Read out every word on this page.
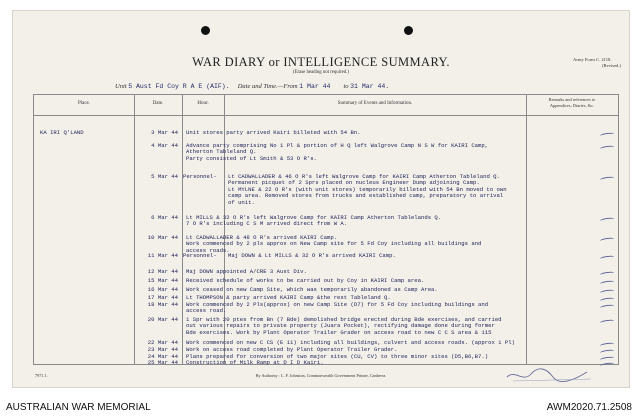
WAR DIARY or INTELLIGENCE SUMMARY.
(Erase heading not required.)
Army Form C. 2118.
(Revised.)
Unit 5 Aust Fd Coy R A E (AIF). Date and Time.—From 1 Mar 44 to 31 Mar 44.
Place.	Date.	Hour.	Summary of Events and Information.
Remarks and references to
Appendices, Diaries, &c.
KA IRI Q'LAND	3 Mar 44 Unit stores party arrived Kairi billeted with 54 Bn.
4 Mar 44 Advance party comprising No 1 Pl & portion of H Q left Walgrove Camp N S W for KAIRI Camp,
Atherton Tableland Q.
Party consisted of Lt Smith & 53 O R's.
5 Mar 44 Personnel-	Lt CADWALLADER & 46 O R's left Walgrove Camp for KAIRI Camp Atherton Tableland Q.
Permanent picquet of 2 Sprs placed on nucleus Engineer Dump adjoining Camp.
Lt MYLNE & 22 O R's (with unit stores) temporarily billeted with 54 Bn moved to own
camp area. Removed stores from trucks and established camp, preparatory to arrival
of unit.
6 Mar 44 Lt MILLS & 32 O R's left Walgrove Camp for KAIRI Camp Atherton Tablelands Q.
7 O R's including C S M arrived direct from W A.
10 Mar 44 Lt CADWALLADER & 48 O R's arrived KAIRI Camp.
Work commenced by 2 pls approx on New Camp site for 5 Fd Coy including all buildings and
access roads.
11 Mar 44 Personnel-	Maj DOWN & Lt MILLS & 32 O R's arrived KAIRI Camp.
12 Mar 44 Maj DOWN appointed A/CRE 3 Aust Div.
15 Mar 44 Received schedule of works to be carried out by Coy in KAIRI Camp area.
16 Mar 44 Work ceased on new Camp Site, which was temporarily abandoned as Camp Area.
17 Mar 44 Lt THOMPSON & party arrived KAIRI Camp &the rest Tableland Q.
18 Mar 44 Work commenced by 2 Pls(approx) on new Camp Site (D7) for 5 Fd Coy including buildings and
access road.
20 Mar 44 1 Spr with 20 ptes from Bn (7 Bde) demolished bridge erected during Bde exercises, and carried
out various repairs to private property (Juara Pocket), rectifying damage done during former
Bde exercises. Work by Plant Operator Trailer Grader on access road to new C C S area & 115
22 Mar 44 Work commenced on new C CS (E 11) including all buildings, culvert and access roads. (approx 1 Pl)
23 Mar 44 Work on access road completed by Plant Operator Trailer Grader.
24 Mar 44 Plans prepared for conversion of two major sites (CU, CV) to three minor sites (D5,B6,B7.)
25 Mar 44 Construction of Milk Ramp at D I D Kairi.
7971.1.	By Authority : L. F. Johnston, Commonwealth Government Printer, Canberra.
AUSTRALIAN WAR MEMORIAL	AWM2020.71.2508
